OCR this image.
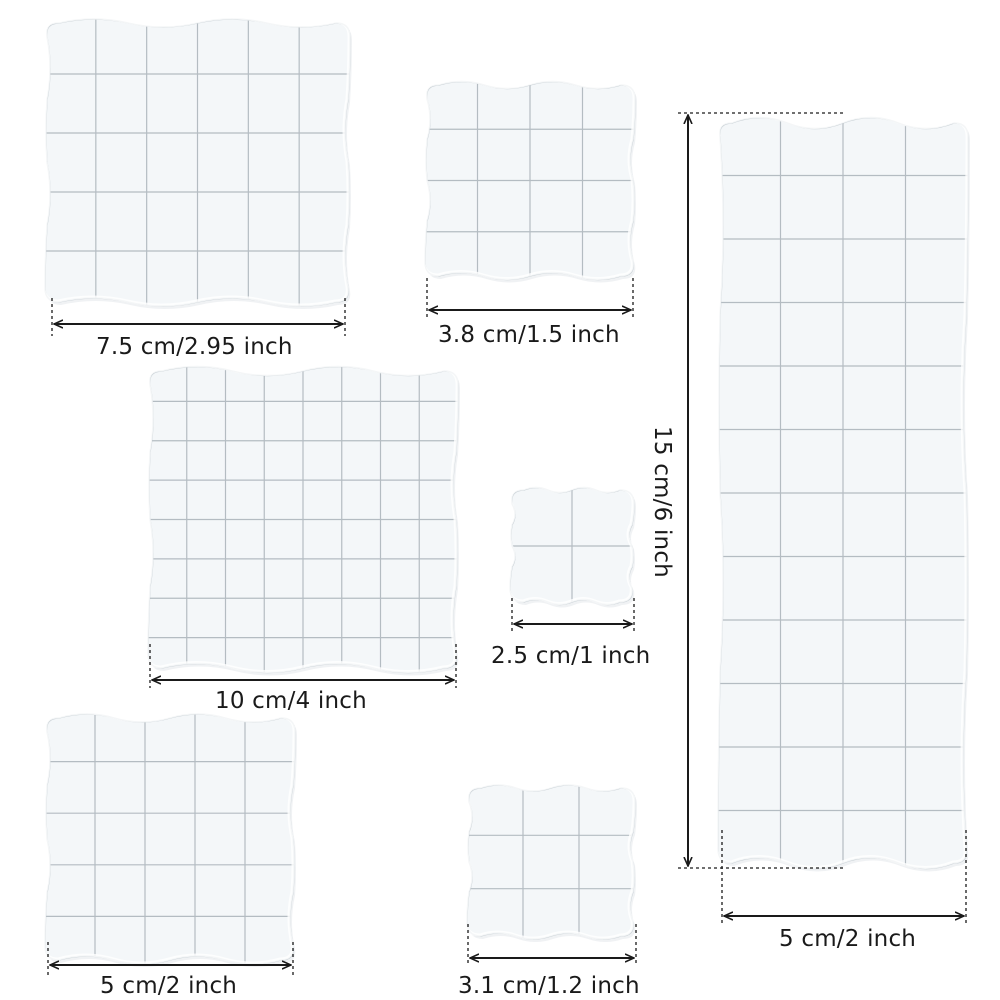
7.5 cm/2.95 inch	3.8 cm/1.5 inch
10 cm/4 inch
2.5 cm/1 inch
5 cm/2 inch	3.1 cm/1.2 inch
5 cm/2 inch
15 cm/6 inch
